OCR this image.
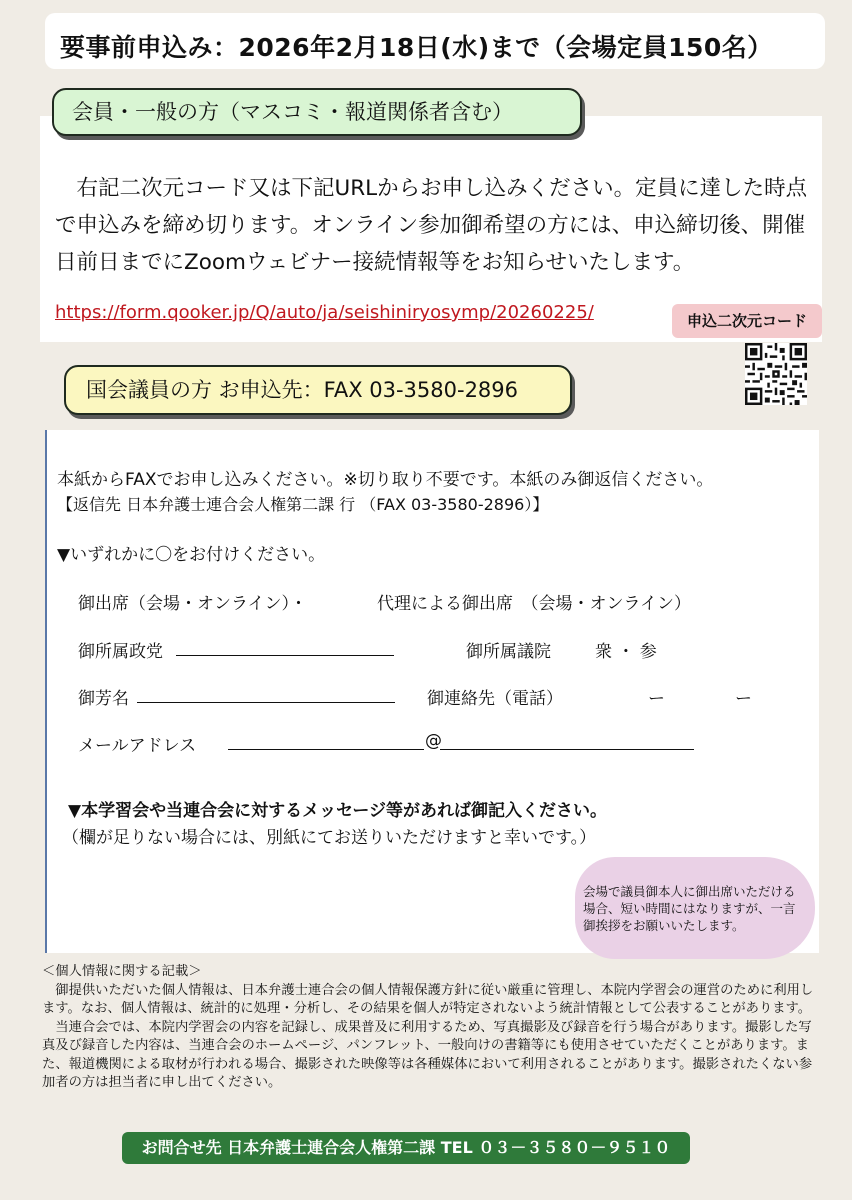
要事前申込み：2026年2月18日(水)まで（会場定員150名）
会員・一般の方（マスコミ・報道関係者含む）

　右記二次元コード又は下記URLからお申し込みください。定員に達した時点で申込みを締め切ります。オンライン参加御希望の方には、申込締切後、開催日前日までにZoomウェビナー接続情報等をお知らせいたします。

https://form.qooker.jp/Q/auto/ja/seishiniryosymp/20260225/	申込二次元コード
国会議員の方 お申込先：FAX 03-3580-2896
本紙からFAXでお申し込みください。※切り取り不要です。本紙のみ御返信ください。
【返信先 日本弁護士連合会人権第二課 行 （FAX 03-3580-2896）】
▼いずれかに〇をお付けください。
御出席（会場・オンライン）・	代理による御出席　（会場・オンライン）
御所属政党	御所属議院	衆 ・ 参
御芳名	御連絡先（電話）	ー	ー
メールアドレス	@
▼本学習会や当連合会に対するメッセージ等があれば御記入ください。
（欄が足りない場合には、別紙にてお送りいただけますと幸いです。）
会場で議員御本人に御出席いただける場合、短い時間にはなりますが、一言御挨拶をお願いいたします。

＜個人情報に関する記載＞

　御提供いただいた個人情報は、日本弁護士連合会の個人情報保護方針に従い厳重に管理し、本院内学習会の運営のために利用します。なお、個人情報は、統計的に処理・分析し、その結果を個人が特定されないよう統計情報として公表することがあります。

　当連合会では、本院内学習会の内容を記録し、成果普及に利用するため、写真撮影及び録音を行う場合があります。撮影した写真及び録音した内容は、当連合会のホームページ、パンフレット、一般向けの書籍等にも使用させていただくことがあります。また、報道機関による取材が行われる場合、撮影された映像等は各種媒体において利用されることがあります。撮影されたくない参加者の方は担当者に申し出てください。

お問合せ先 日本弁護士連合会人権第二課 TEL ０３－３５８０－９５１０
